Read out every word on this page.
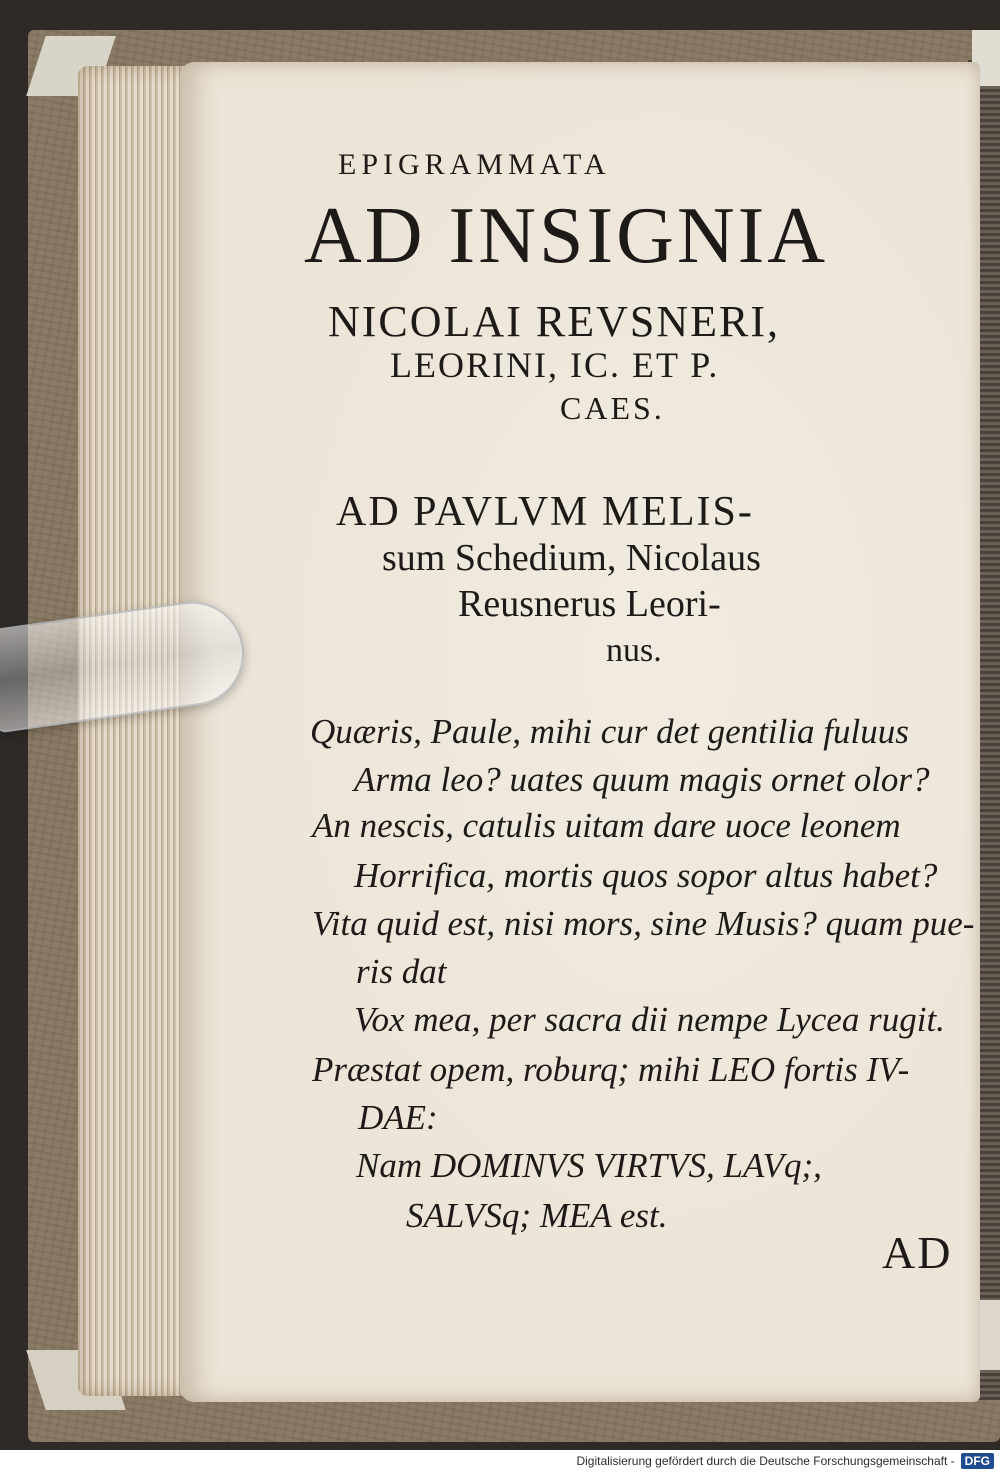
EPIGRAMMATA
AD INSIGNIA
NICOLAI REVSNERI,
LEORINI, IC. ET P.
CAES.
AD PAVLVM MELIS-
sum Schedium, Nicolaus
Reusnerus Leori-
nus.
Quæris, Paule, mihi cur det gentilia fuluus
Arma leo? uates quum magis ornet olor?
An nescis, catulis uitam dare uoce leonem
Horrifica, mortis quos sopor altus habet?
Vita quid est, nisi mors, sine Musis? quam pue-
ris dat
Vox mea, per sacra dii nempe Lycea rugit.
Præstat opem, roburq; mihi LEO fortis IV-
DAE:
Nam DOMINVS VIRTVS, LAVq;,
SALVSq; MEA est.
AD
Digitalisierung gefördert durch die Deutsche Forschungsgemeinschaft - DFG
